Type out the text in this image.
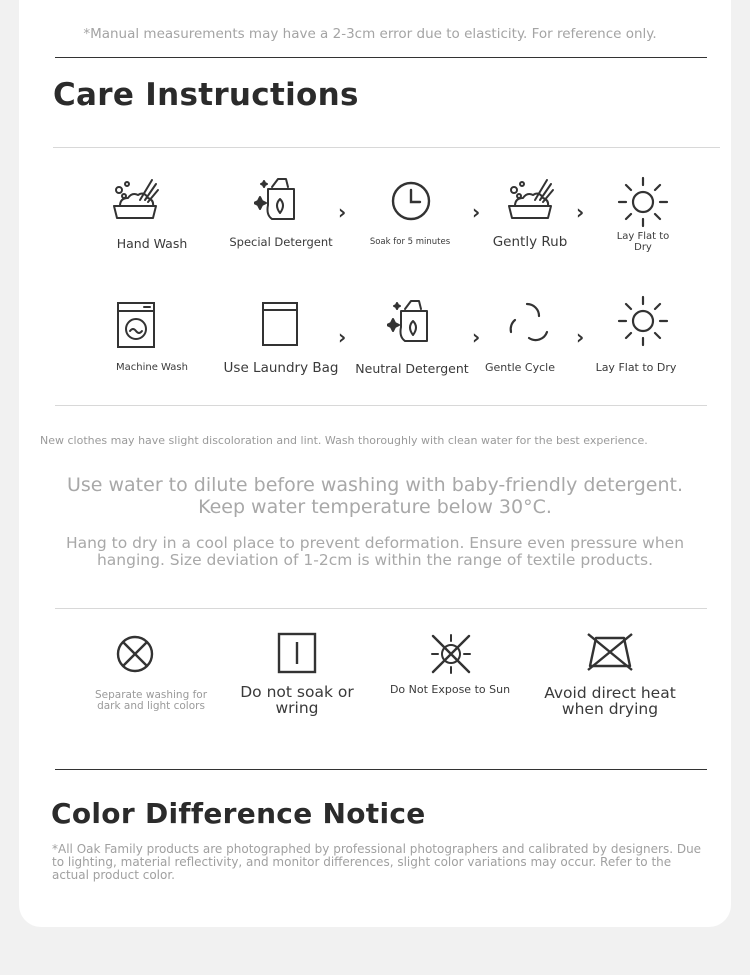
*Manual measurements may have a 2-3cm error due to elasticity. For reference only.
Care Instructions
›	›	›
Hand Wash	Special Detergent	Soak for 5 minutes	Gently Rub	Lay Flat to Dry
›	›	›
Machine Wash	Use Laundry Bag	Neutral Detergent	Gentle Cycle	Lay Flat to Dry
New clothes may have slight discoloration and lint. Wash thoroughly with clean water for the best experience.
Use water to dilute before washing with baby-friendly detergent.
Keep water temperature below 30°C.
Hang to dry in a cool place to prevent deformation. Ensure even pressure when
hanging. Size deviation of 1-2cm is within the range of textile products.
Separate washing for
dark and light colors
Do not soak or
wring
Do Not Expose to Sun	Avoid direct heat
when drying
Color Difference Notice
*All Oak Family products are photographed by professional photographers and calibrated by designers. Due
to lighting, material reflectivity, and monitor differences, slight color variations may occur. Refer to the
actual product color.
